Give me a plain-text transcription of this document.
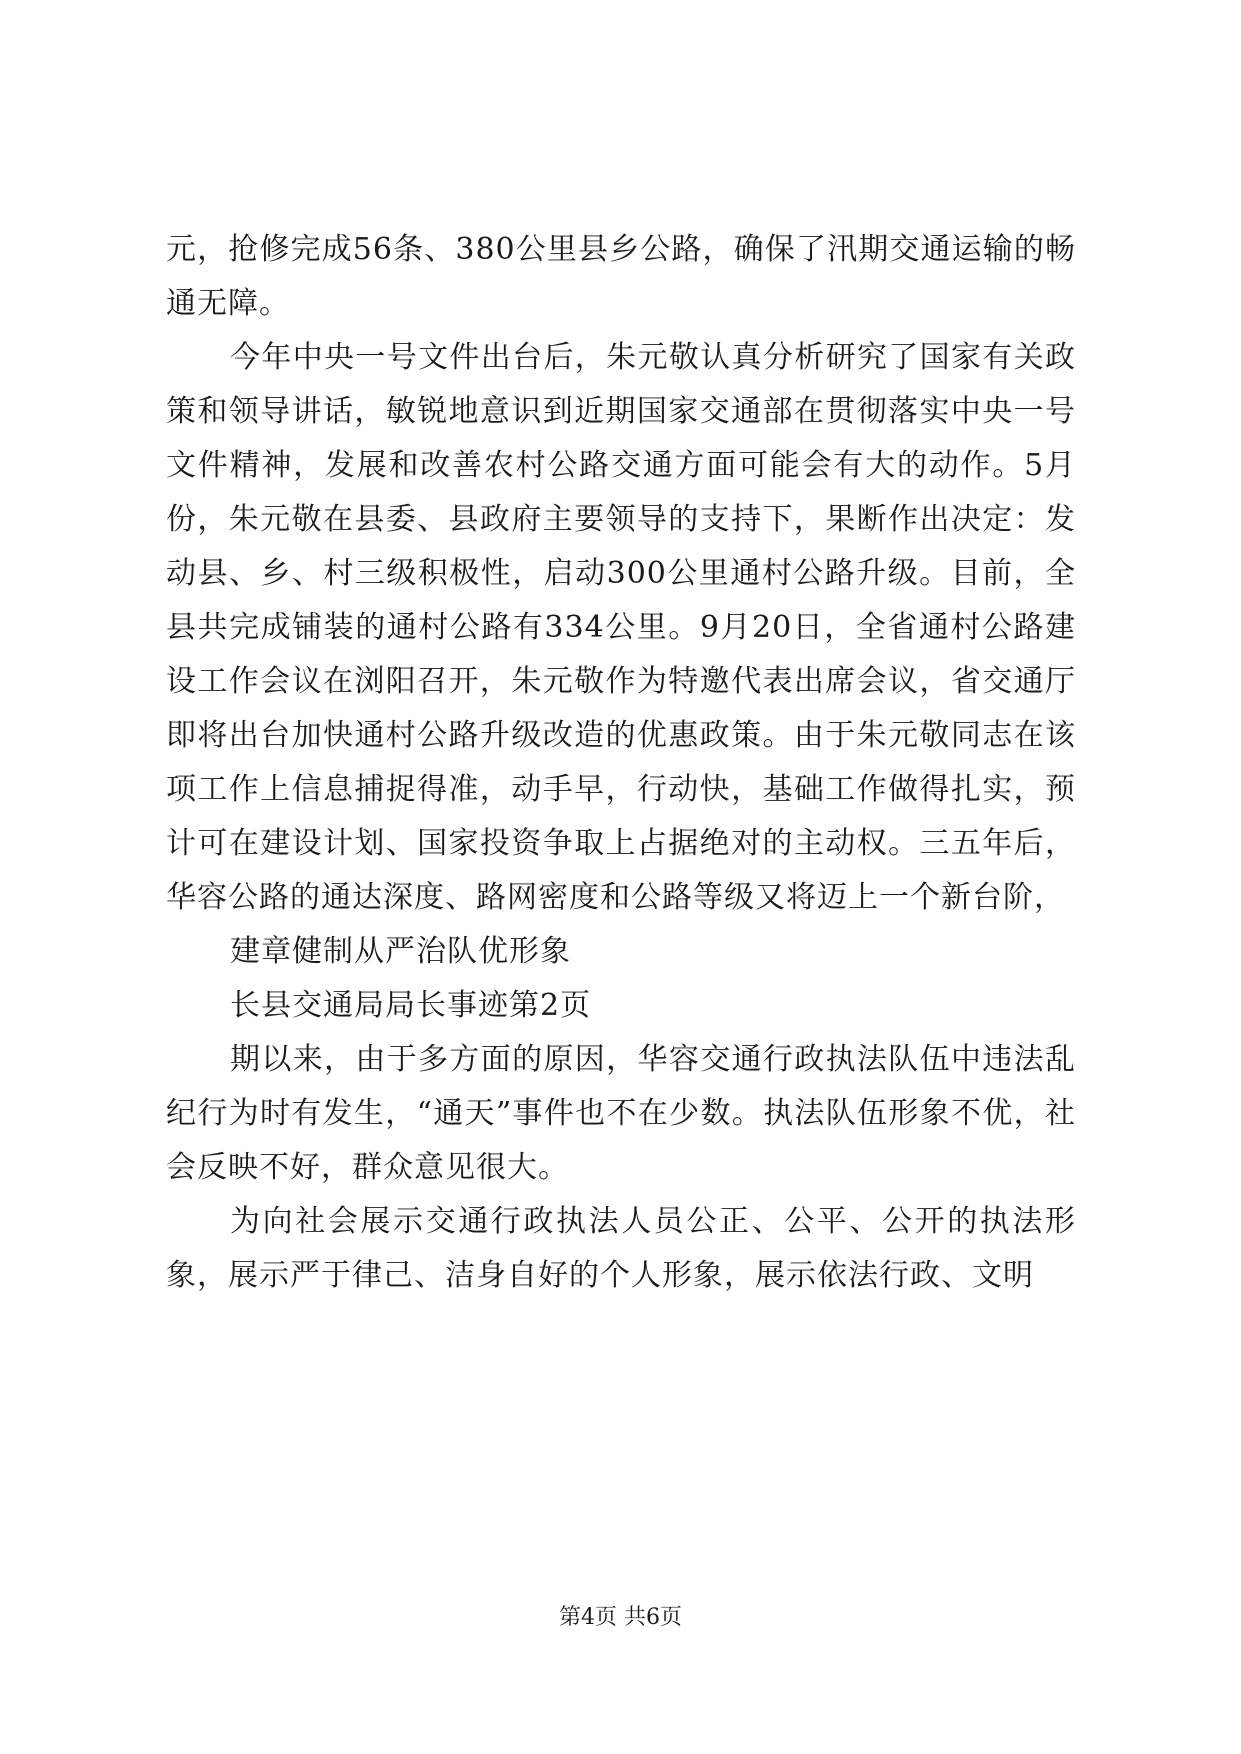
元，抢修完成56条、380公里县乡公路，确保了汛期交通运输的畅通无障。

今年中央一号文件出台后，朱元敬认真分析研究了国家有关政策和领导讲话，敏锐地意识到近期国家交通部在贯彻落实中央一号文件精神，发展和改善农村公路交通方面可能会有大的动作。5月份，朱元敬在县委、县政府主要领导的支持下，果断作出决定：发动县、乡、村三级积极性，启动300公里通村公路升级。目前，全县共完成铺装的通村公路有334公里。9月20日，全省通村公路建设工作会议在浏阳召开，朱元敬作为特邀代表出席会议，省交通厅即将出台加快通村公路升级改造的优惠政策。由于朱元敬同志在该项工作上信息捕捉得准，动手早，行动快，基础工作做得扎实，预计可在建设计划、国家投资争取上占据绝对的主动权。三五年后，华容公路的通达深度、路网密度和公路等级又将迈上一个新台阶，

建章健制从严治队优形象

长县交通局局长事迹第2页

期以来，由于多方面的原因，华容交通行政执法队伍中违法乱纪行为时有发生，“通天”事件也不在少数。执法队伍形象不优，社会反映不好，群众意见很大。

为向社会展示交通行政执法人员公正、公平、公开的执法形象，展示严于律己、洁身自好的个人形象，展示依法行政、文明

第4页 共6页
